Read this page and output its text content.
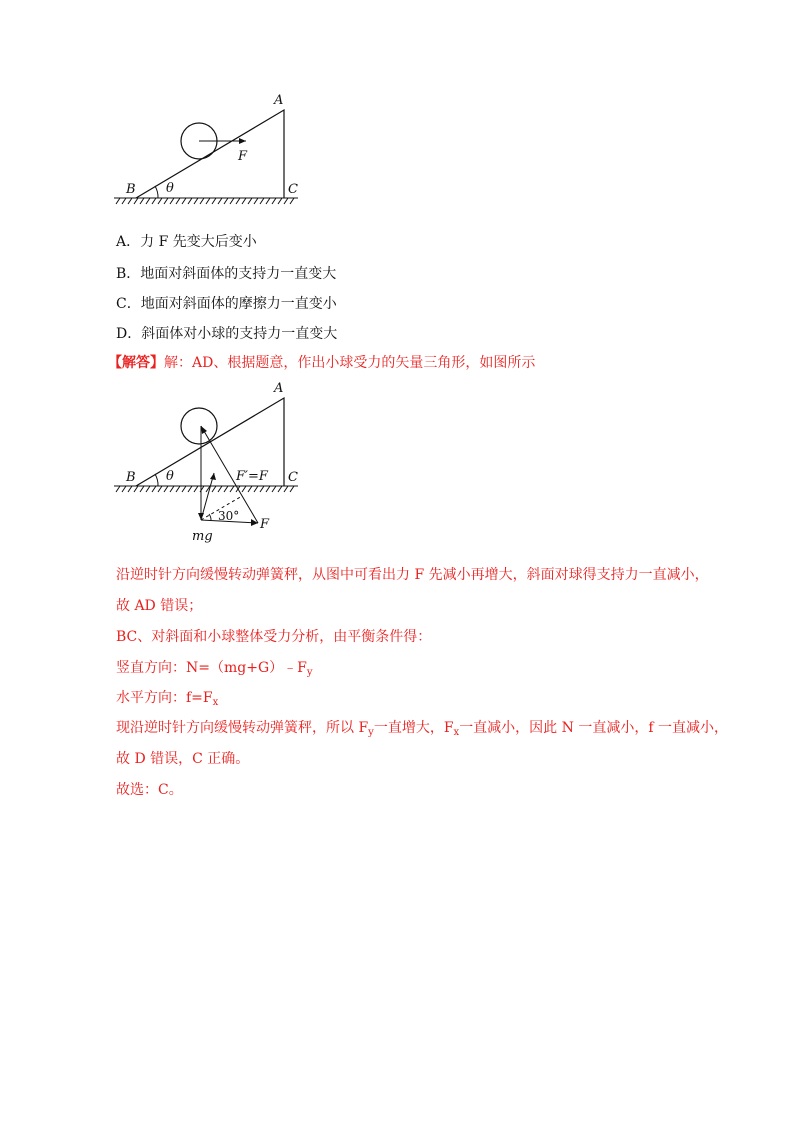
A
B	C
θ
F
A．力 F 先变大后变小
B．地面对斜面体的支持力一直变大
C．地面对斜面体的摩擦力一直变小
D．斜面体对小球的支持力一直变大
【解答】解：AD、根据题意，作出小球受力的矢量三角形，如图所示
A
B	C
θ	F′=F
F
mg
30°
沿逆时针方向缓慢转动弹簧秤，从图中可看出力 F 先减小再增大，斜面对球得支持力一直减小，
故 AD 错误；
BC、对斜面和小球整体受力分析，由平衡条件得：
竖直方向：$N=(mg+G)﹣F_y$
水平方向：$f=F_x$
现沿逆时针方向缓慢转动弹簧秤，所以 $F_y$一直增大，$F_x$一直减小，因此 N 一直减小，f 一直减小，
故 D 错误，C 正确。
故选：C。
